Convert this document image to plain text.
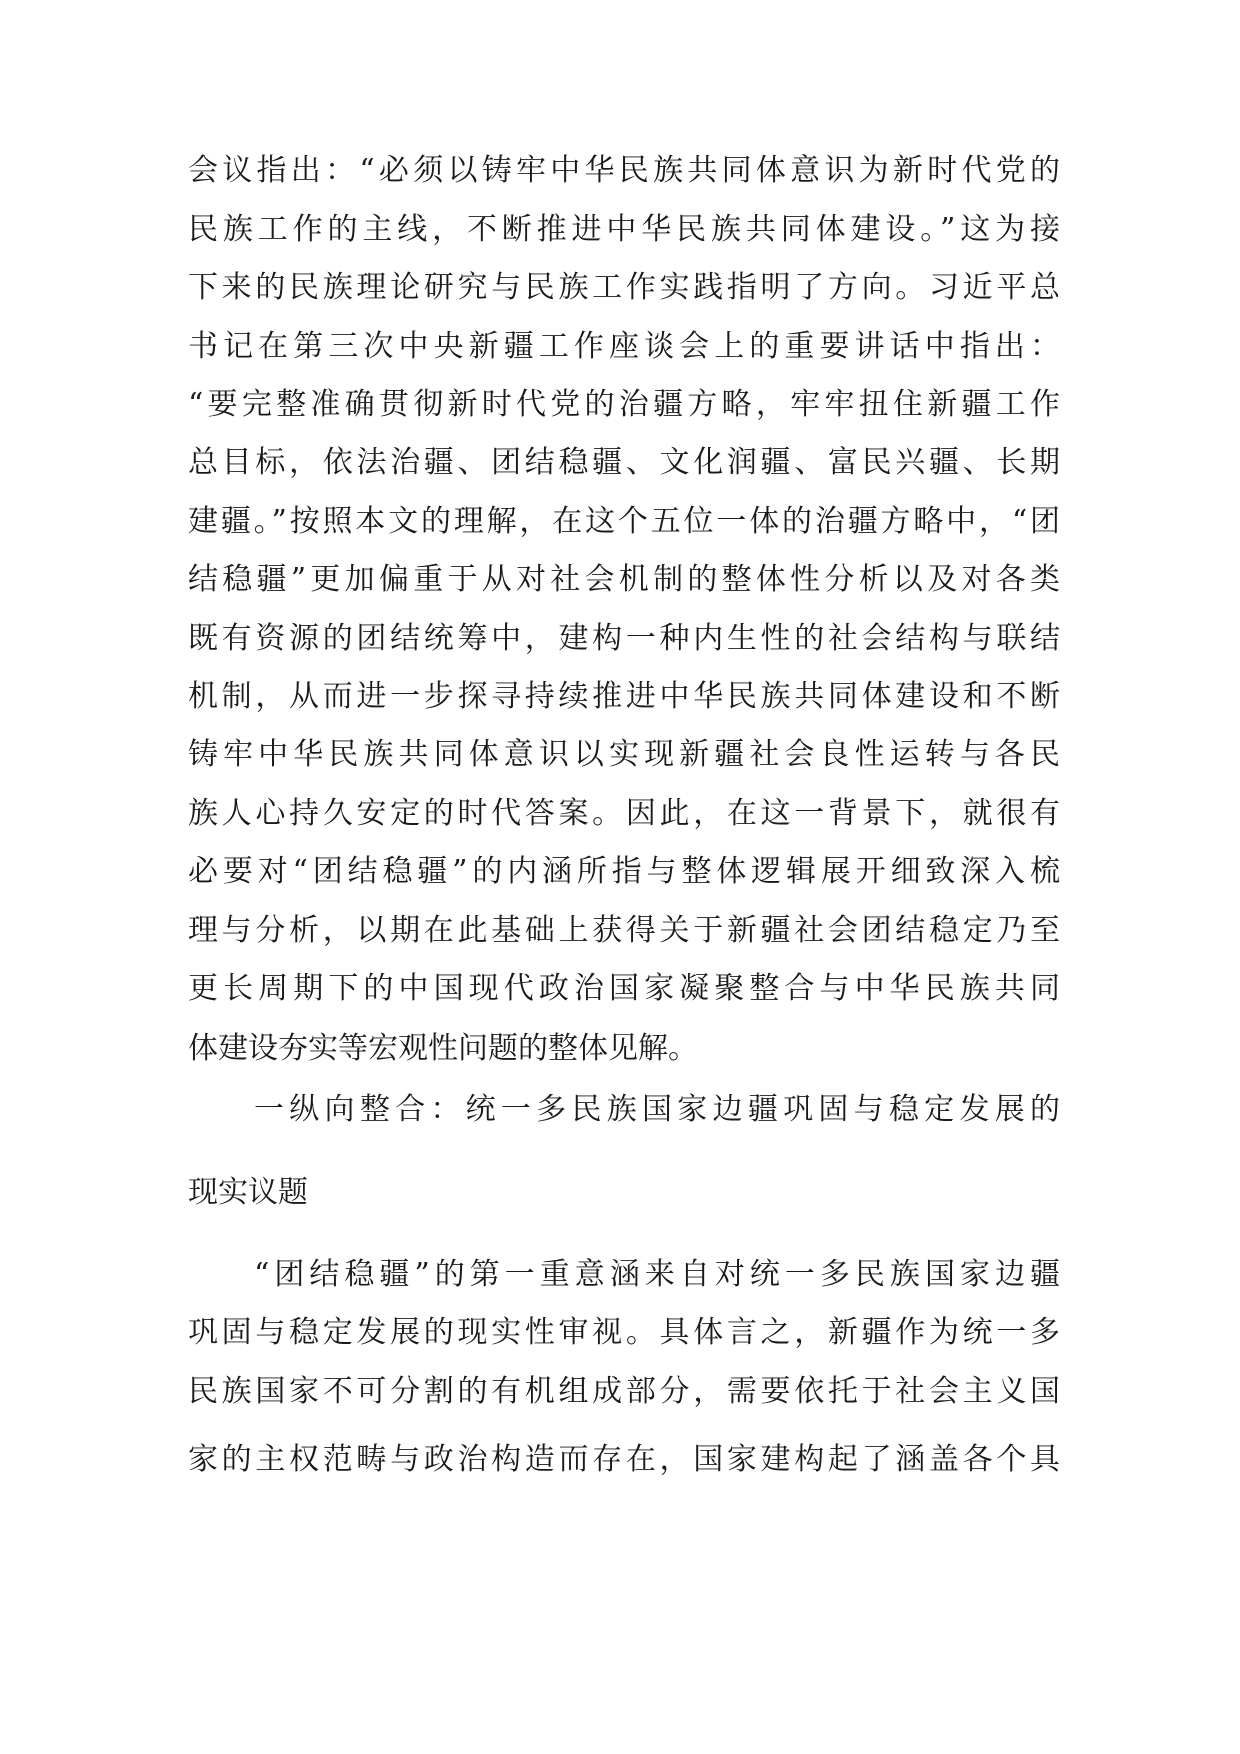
会议指出：“必须以铸牢中华民族共同体意识为新时代党的
民族工作的主线，不断推进中华民族共同体建设。”这为接
下来的民族理论研究与民族工作实践指明了方向。习近平总
书记在第三次中央新疆工作座谈会上的重要讲话中指出：
“要完整准确贯彻新时代党的治疆方略，牢牢扭住新疆工作
总目标，依法治疆、团结稳疆、文化润疆、富民兴疆、长期
建疆。”按照本文的理解，在这个五位一体的治疆方略中，“团
结稳疆”更加偏重于从对社会机制的整体性分析以及对各类
既有资源的团结统筹中，建构一种内生性的社会结构与联结
机制，从而进一步探寻持续推进中华民族共同体建设和不断
铸牢中华民族共同体意识以实现新疆社会良性运转与各民
族人心持久安定的时代答案。因此，在这一背景下，就很有
必要对“团结稳疆”的内涵所指与整体逻辑展开细致深入梳
理与分析，以期在此基础上获得关于新疆社会团结稳定乃至
更长周期下的中国现代政治国家凝聚整合与中华民族共同
体建设夯实等宏观性问题的整体见解。
一纵向整合：统一多民族国家边疆巩固与稳定发展的
现实议题
“团结稳疆”的第一重意涵来自对统一多民族国家边疆
巩固与稳定发展的现实性审视。具体言之，新疆作为统一多
民族国家不可分割的有机组成部分，需要依托于社会主义国
家的主权范畴与政治构造而存在，国家建构起了涵盖各个具
